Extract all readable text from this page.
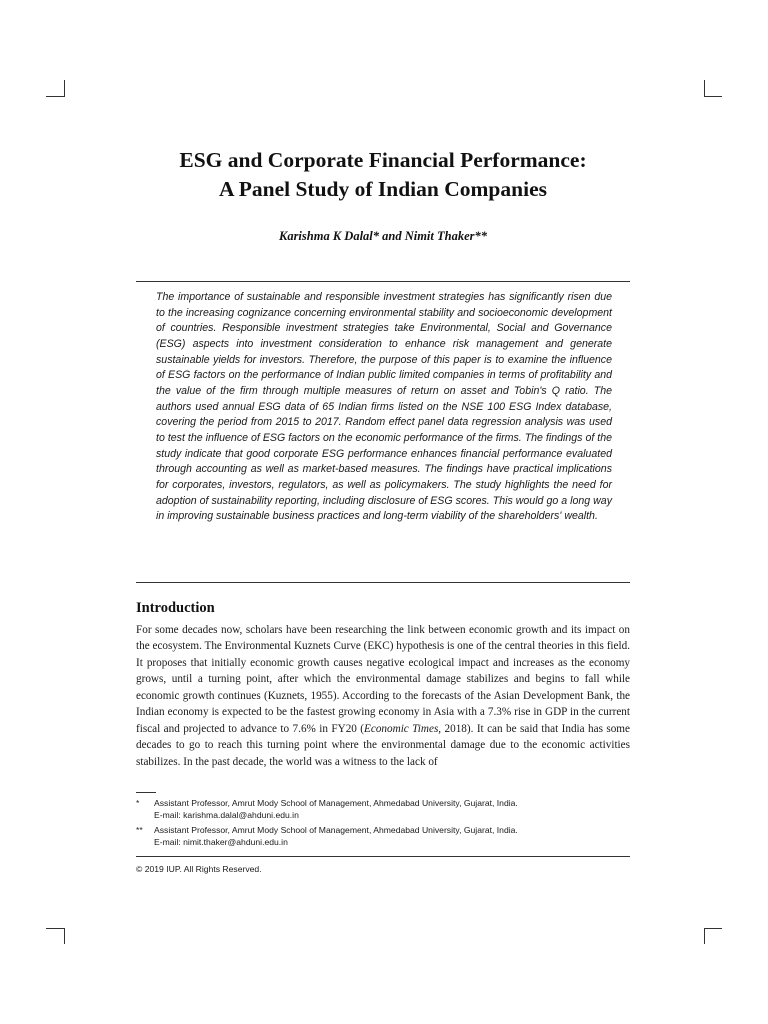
ESG and Corporate Financial Performance:
A Panel Study of Indian Companies
Karishma K Dalal* and Nimit Thaker**
The importance of sustainable and responsible investment strategies has significantly risen due to the increasing cognizance concerning environmental stability and socioeconomic development of countries. Responsible investment strategies take Environmental, Social and Governance (ESG) aspects into investment consideration to enhance risk management and generate sustainable yields for investors. Therefore, the purpose of this paper is to examine the influence of ESG factors on the performance of Indian public limited companies in terms of profitability and the value of the firm through multiple measures of return on asset and Tobin's Q ratio. The authors used annual ESG data of 65 Indian firms listed on the NSE 100 ESG Index database, covering the period from 2015 to 2017. Random effect panel data regression analysis was used to test the influence of ESG factors on the economic performance of the firms. The findings of the study indicate that good corporate ESG performance enhances financial performance evaluated through accounting as well as market-based measures. The findings have practical implications for corporates, investors, regulators, as well as policymakers. The study highlights the need for adoption of sustainability reporting, including disclosure of ESG scores. This would go a long way in improving sustainable business practices and long-term viability of the shareholders' wealth.
Introduction
For some decades now, scholars have been researching the link between economic growth and its impact on the ecosystem. The Environmental Kuznets Curve (EKC) hypothesis is one of the central theories in this field. It proposes that initially economic growth causes negative ecological impact and increases as the economy grows, until a turning point, after which the environmental damage stabilizes and begins to fall while economic growth continues (Kuznets, 1955). According to the forecasts of the Asian Development Bank, the Indian economy is expected to be the fastest growing economy in Asia with a 7.3% rise in GDP in the current fiscal and projected to advance to 7.6% in FY20 (Economic Times, 2018). It can be said that India has some decades to go to reach this turning point where the environmental damage due to the economic activities stabilizes. In the past decade, the world was a witness to the lack of
* Assistant Professor, Amrut Mody School of Management, Ahmedabad University, Gujarat, India.
E-mail: karishma.dalal@ahduni.edu.in
** Assistant Professor, Amrut Mody School of Management, Ahmedabad University, Gujarat, India.
E-mail: nimit.thaker@ahduni.edu.in
© 2019 IUP. All Rights Reserved.
